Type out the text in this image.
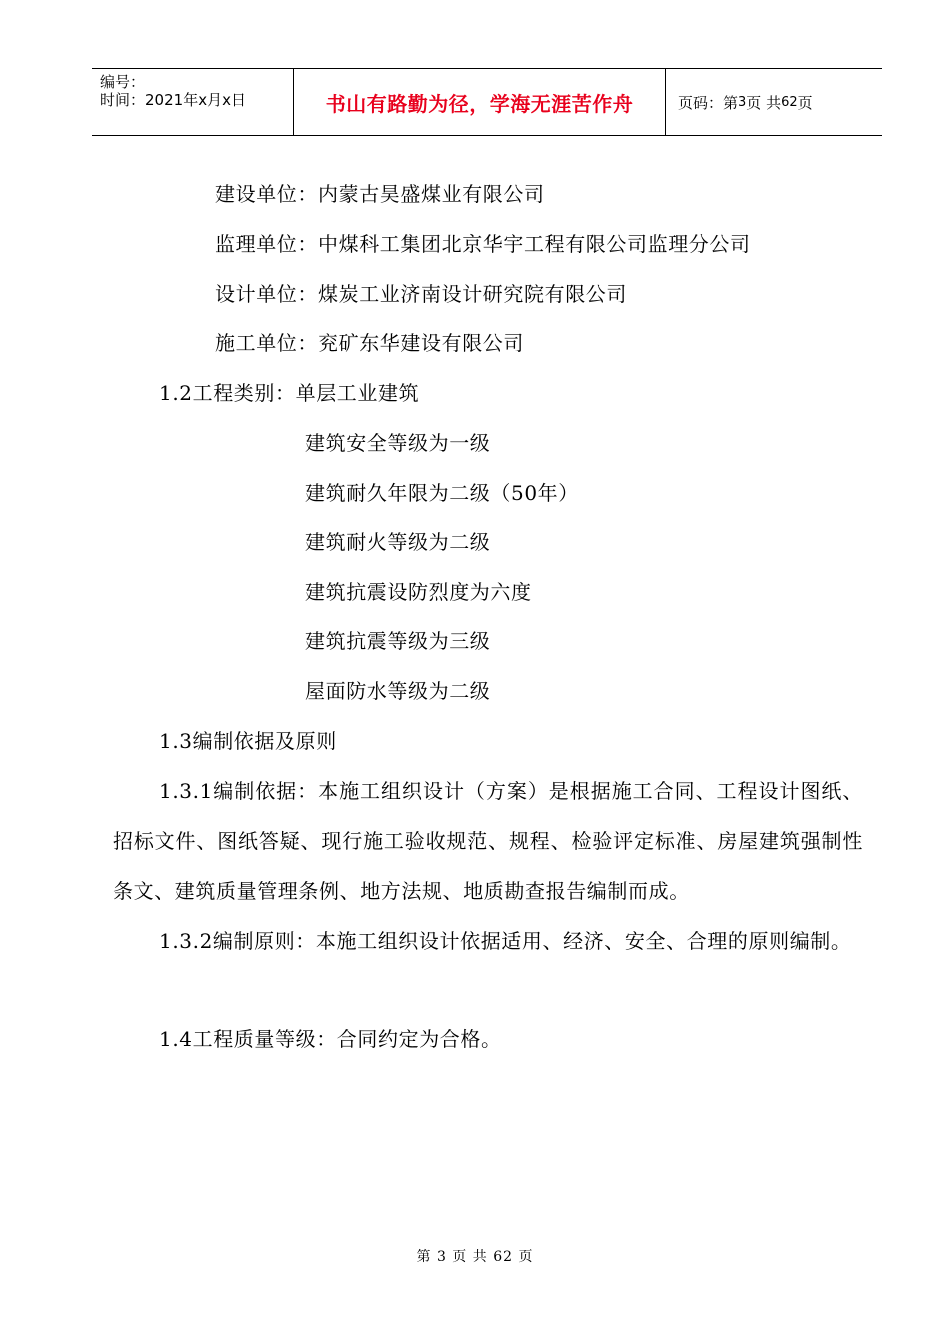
编号：
时间：2021年x月x日	书山有路勤为径，学海无涯苦作舟	页码：第 3 页 共 62 页
建设单位：内蒙古昊盛煤业有限公司
监理单位：中煤科工集团北京华宇工程有限公司监理分公司
设计单位：煤炭工业济南设计研究院有限公司
施工单位：兖矿东华建设有限公司
1.2工程类别：单层工业建筑
建筑安全等级为一级
建筑耐久年限为二级（50年）
建筑耐火等级为二级
建筑抗震设防烈度为六度
建筑抗震等级为三级
屋面防水等级为二级
1.3编制依据及原则
1.3.1编制依据：本施工组织设计（方案）是根据施工合同、工程设计图纸、招标文件、图纸答疑、现行施工验收规范、规程、检验评定标准、房屋建筑强制性条文、建筑质量管理条例、地方法规、地质勘查报告编制而成。
1.3.2编制原则：本施工组织设计依据适用、经济、安全、合理的原则编制。
1.4工程质量等级：合同约定为合格。
第 3 页 共 62 页
